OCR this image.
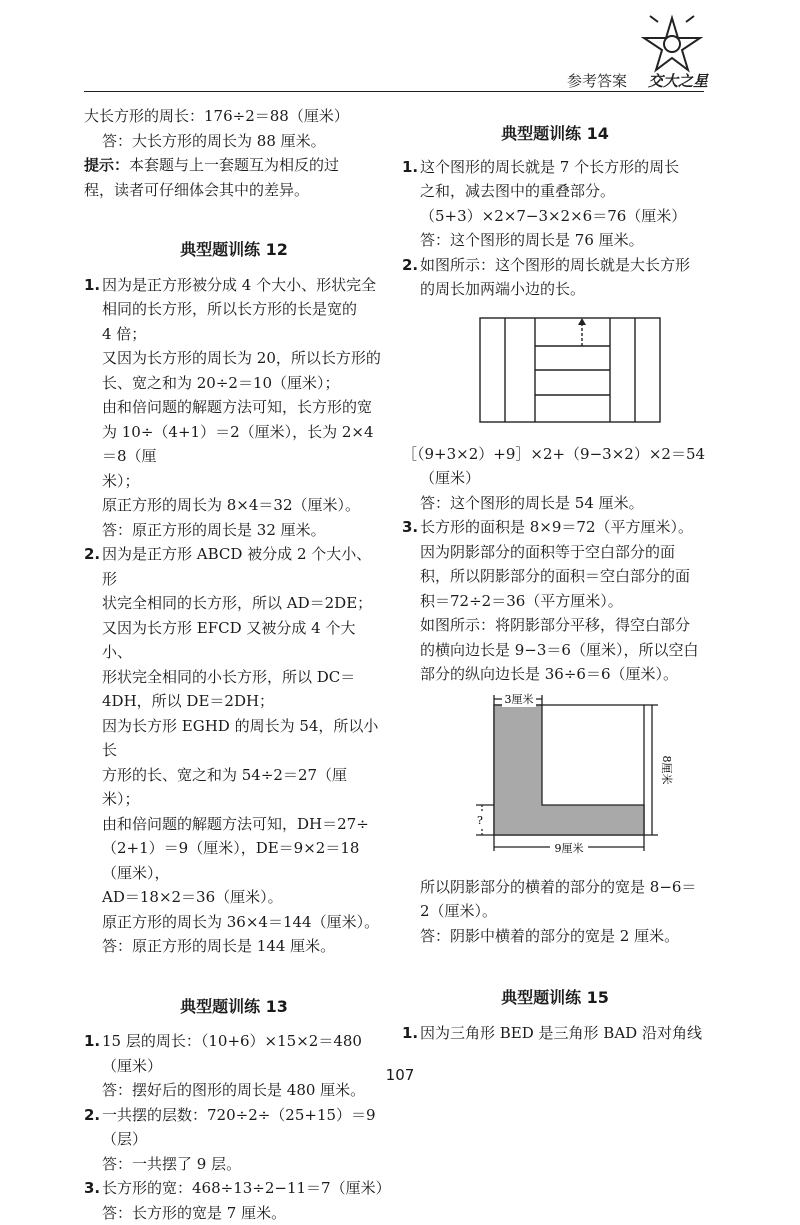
参考答案 交大之星
大长方形的周长：176÷2＝88（厘米）
答：大长方形的周长为 88 厘米。
提示：本套题与上一套题互为相反的过
程，读者可仔细体会其中的差异。
典型题训练 12
1. 因为是正方形被分成 4 个大小、形状完全
相同的长方形，所以长方形的长是宽的
4 倍；
又因为长方形的周长为 20，所以长方形的
长、宽之和为 20÷2＝10（厘米）；
由和倍问题的解题方法可知，长方形的宽
为 10÷（4+1）＝2（厘米），长为 2×4＝8（厘
米）；
原正方形的周长为 8×4＝32（厘米）。
答：原正方形的周长是 32 厘米。
2. 因为是正方形 ABCD 被分成 2 个大小、形
状完全相同的长方形，所以 AD＝2DE；
又因为长方形 EFCD 又被分成 4 个大小、
形状完全相同的小长方形，所以 DC＝
4DH，所以 DE＝2DH；
因为长方形 EGHD 的周长为 54，所以小长
方形的长、宽之和为 54÷2＝27（厘米）；
由和倍问题的解题方法可知，DH＝27÷
（2+1）＝9（厘米），DE＝9×2＝18（厘米），
AD＝18×2＝36（厘米）。
原正方形的周长为 36×4＝144（厘米）。
答：原正方形的周长是 144 厘米。
典型题训练 13
1. 15 层的周长：（10+6）×15×2＝480（厘米）
答：摆好后的图形的周长是 480 厘米。
2. 一共摆的层数：720÷2÷（25+15）＝9（层）
答：一共摆了 9 层。
3. 长方形的宽：468÷13÷2−11＝7（厘米）
答：长方形的宽是 7 厘米。
典型题训练 14
1. 这个图形的周长就是 7 个长方形的周长
之和，减去图中的重叠部分。
（5+3）×2×7−3×2×6＝76（厘米）
答：这个图形的周长是 76 厘米。
2. 如图所示：这个图形的周长就是大长方形
的周长加两端小边的长。
［（9+3×2）+9］×2+（9−3×2）×2＝54
（厘米）
答：这个图形的周长是 54 厘米。
3. 长方形的面积是 8×9＝72（平方厘米）。
因为阴影部分的面积等于空白部分的面
积，所以阴影部分的面积＝空白部分的面
积＝72÷2＝36（平方厘米）。
如图所示：将阴影部分平移，得空白部分
的横向边长是 9−3＝6（厘米），所以空白
部分的纵向边长是 36÷6＝6（厘米）。
3厘米
8厘米
9厘米
?
所以阴影部分的横着的部分的宽是 8−6＝
2（厘米）。
答：阴影中横着的部分的宽是 2 厘米。
典型题训练 15
1. 因为三角形 BED 是三角形 BAD 沿对角线
107
